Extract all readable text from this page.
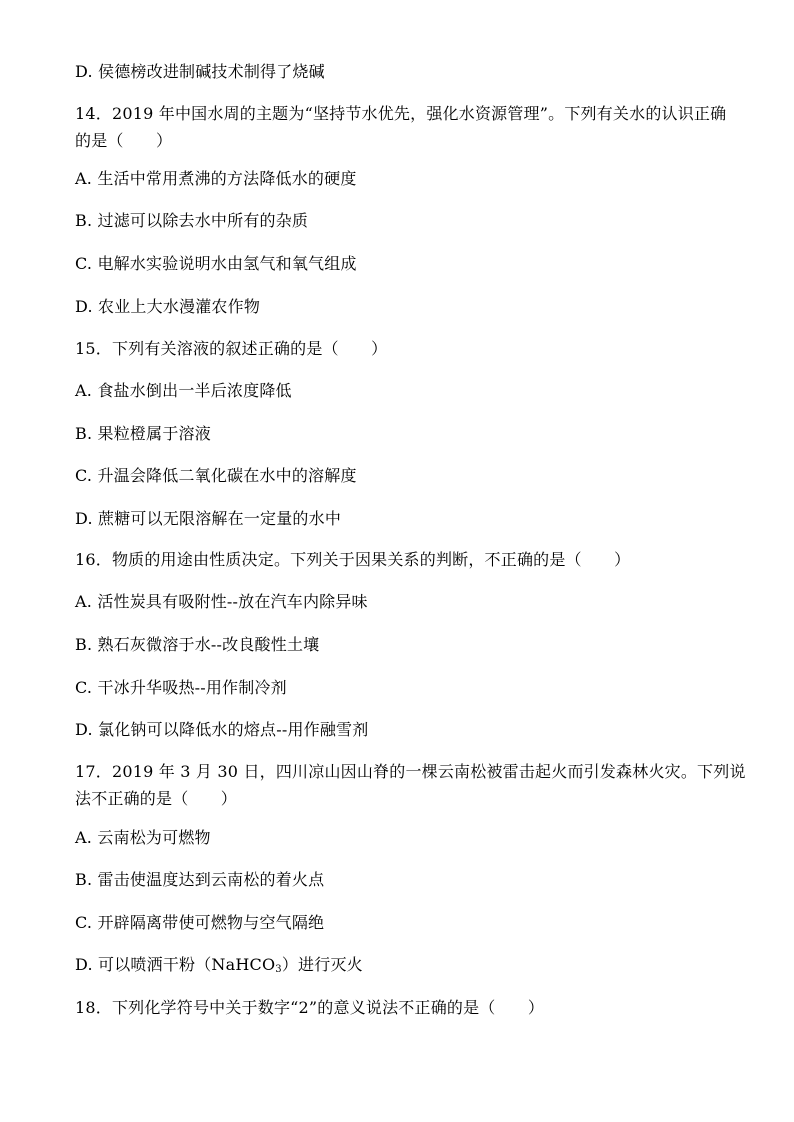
D. 侯德榜改进制碱技术制得了烧碱
14．2019 年中国水周的主题为“坚持节水优先，强化水资源管理”。下列有关水的认识正确
的是（　　）
A. 生活中常用煮沸的方法降低水的硬度
B. 过滤可以除去水中所有的杂质
C. 电解水实验说明水由氢气和氧气组成
D. 农业上大水漫灌农作物
15．下列有关溶液的叙述正确的是（　　）
A. 食盐水倒出一半后浓度降低
B. 果粒橙属于溶液
C. 升温会降低二氧化碳在水中的溶解度
D. 蔗糖可以无限溶解在一定量的水中
16．物质的用途由性质决定。下列关于因果关系的判断，不正确的是（　　）
A. 活性炭具有吸附性--放在汽车内除异味
B. 熟石灰微溶于水--改良酸性土壤
C. 干冰升华吸热--用作制冷剂
D. 氯化钠可以降低水的熔点--用作融雪剂
17．2019 年 3 月 30 日，四川凉山因山脊的一棵云南松被雷击起火而引发森林火灾。下列说
法不正确的是（　　）
A. 云南松为可燃物
B. 雷击使温度达到云南松的着火点
C. 开辟隔离带使可燃物与空气隔绝
D. 可以喷洒干粉（NaHCO$_3$）进行灭火
18．下列化学符号中关于数字“2”的意义说法不正确的是（　　）
